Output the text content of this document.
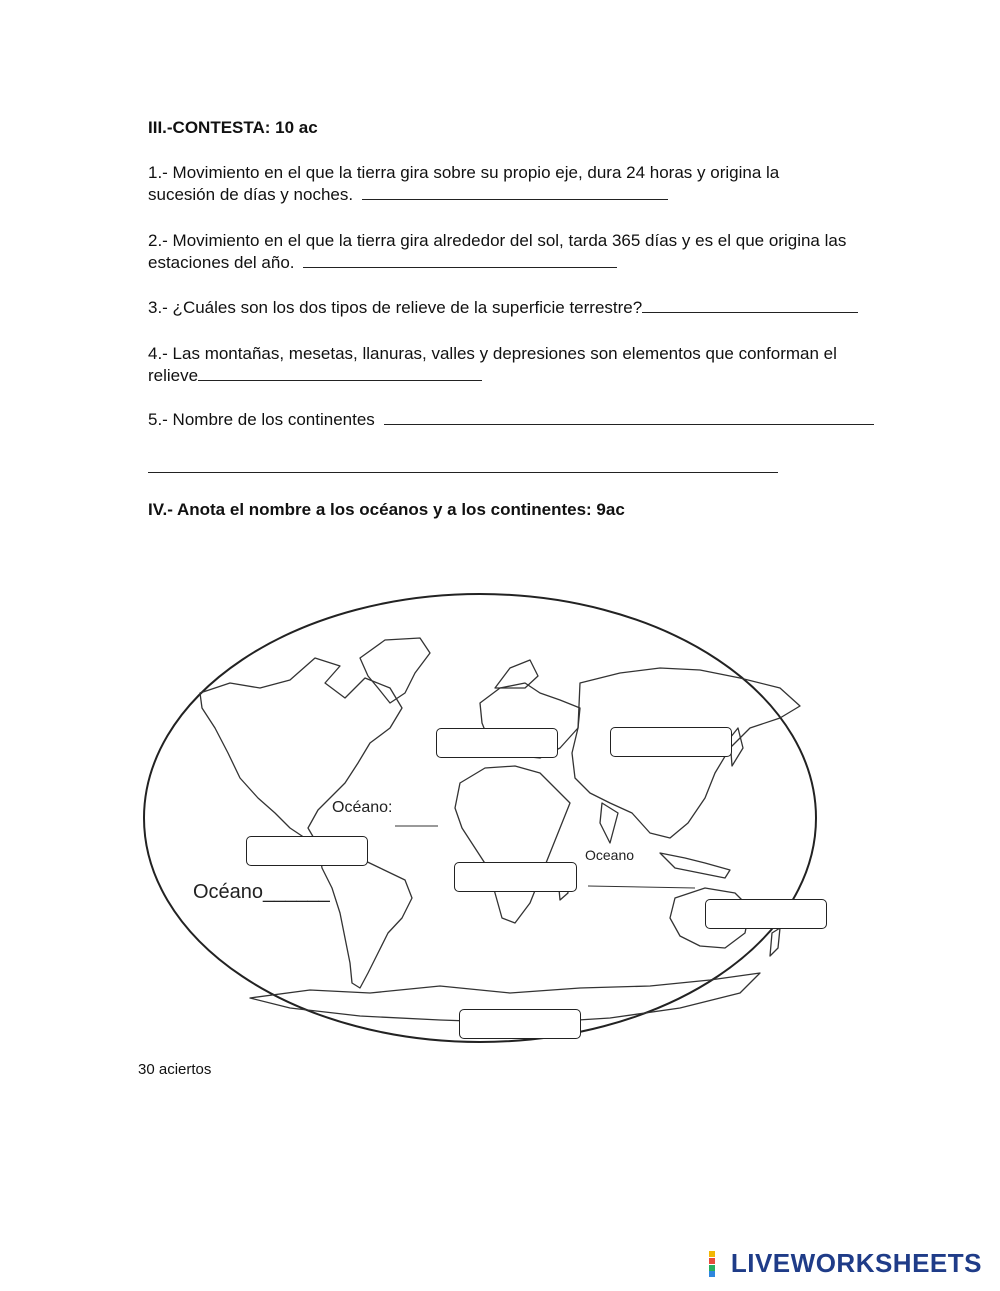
III.-CONTESTA: 10 ac
1.- Movimiento en el que la tierra gira sobre su propio eje, dura 24 horas y origina la
sucesión de días y noches.
2.- Movimiento en el que la tierra gira alrededor del sol, tarda 365 días y es el que origina las
estaciones del año.
3.- ¿Cuáles son los dos tipos de relieve de la superficie terrestre?
4.- Las montañas, mesetas, llanuras, valles y depresiones son elementos que conforman el
relieve
5.- Nombre de los continentes
IV.- Anota el nombre a los océanos y a los continentes: 9ac
Océano:
Oceano
Océano______
30 aciertos
LIVEWORKSHEETS
